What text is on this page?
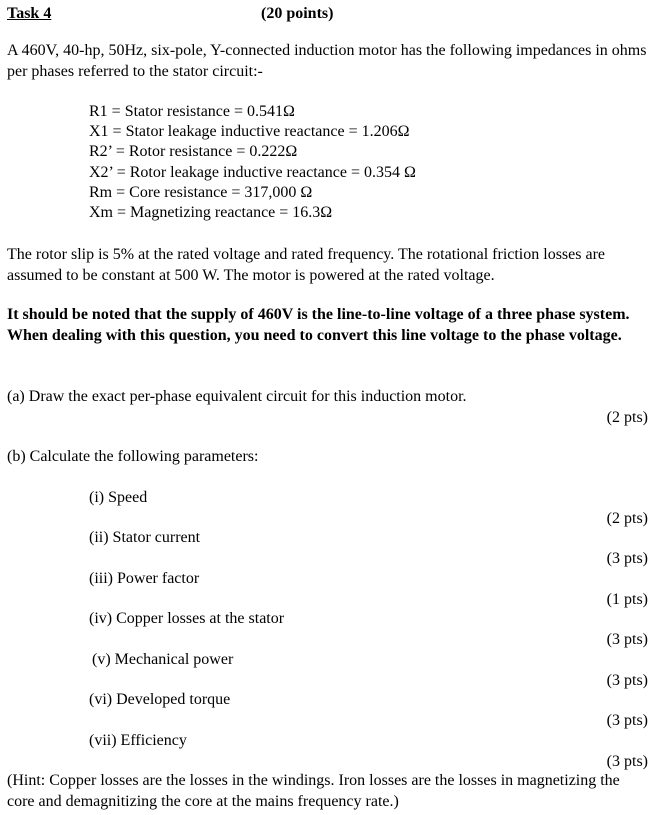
Task 4	(20 points)
A 460V, 40-hp, 50Hz, six-pole, Y-connected induction motor has the following impedances in ohms per phases referred to the stator circuit:-
R1 = Stator resistance = 0.541Ω
X1 = Stator leakage inductive reactance = 1.206Ω
R2’ = Rotor resistance = 0.222Ω
X2’ = Rotor leakage inductive reactance = 0.354 Ω
Rm = Core resistance = 317,000 Ω
Xm = Magnetizing reactance = 16.3Ω
The rotor slip is 5% at the rated voltage and rated frequency. The rotational friction losses are assumed to be constant at 500 W. The motor is powered at the rated voltage.
It should be noted that the supply of 460V is the line-to-line voltage of a three phase system. When dealing with this question, you need to convert this line voltage to the phase voltage.
(a) Draw the exact per-phase equivalent circuit for this induction motor.
(2 pts)
(b) Calculate the following parameters:
(i) Speed
(2 pts)
(ii) Stator current
(3 pts)
(iii) Power factor
(1 pts)
(iv) Copper losses at the stator
(3 pts)
(v) Mechanical power
(3 pts)
(vi) Developed torque
(3 pts)
(vii) Efficiency
(3 pts)
(Hint: Copper losses are the losses in the windings. Iron losses are the losses in magnetizing the core and demagnitizing the core at the mains frequency rate.)
